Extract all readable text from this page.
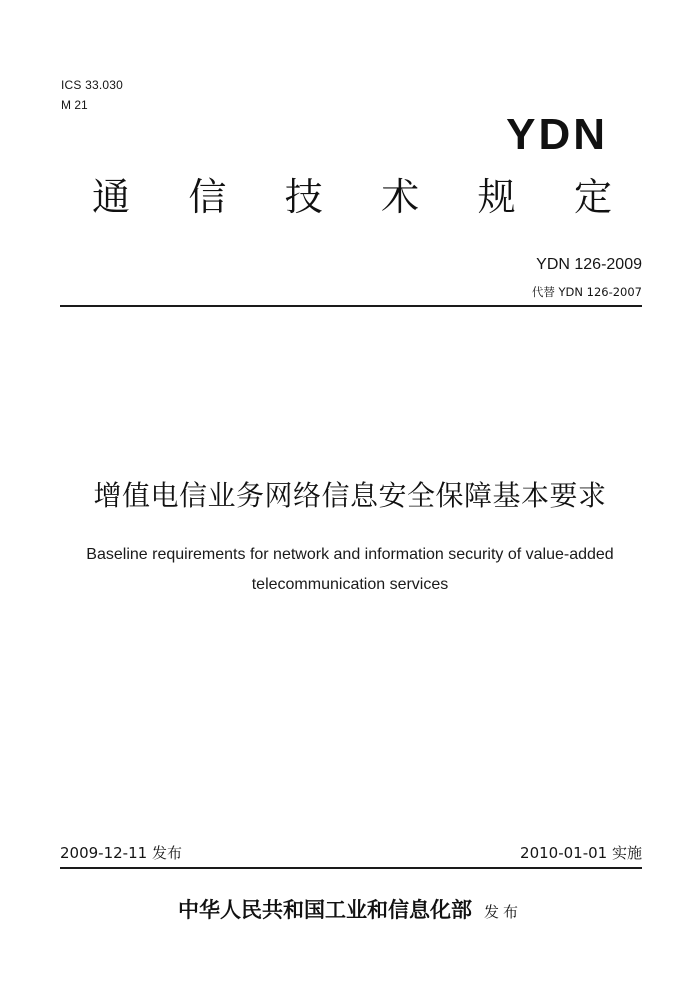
ICS 33.030
M 21
YDN
通 信 技 术 规 定
YDN 126-2009
代替 YDN 126-2007
增值电信业务网络信息安全保障基本要求
Baseline requirements for network and information security of value-added
telecommunication services
2009-12-11 发布	2010-01-01 实施
中华人民共和国工业和信息化部 发布
